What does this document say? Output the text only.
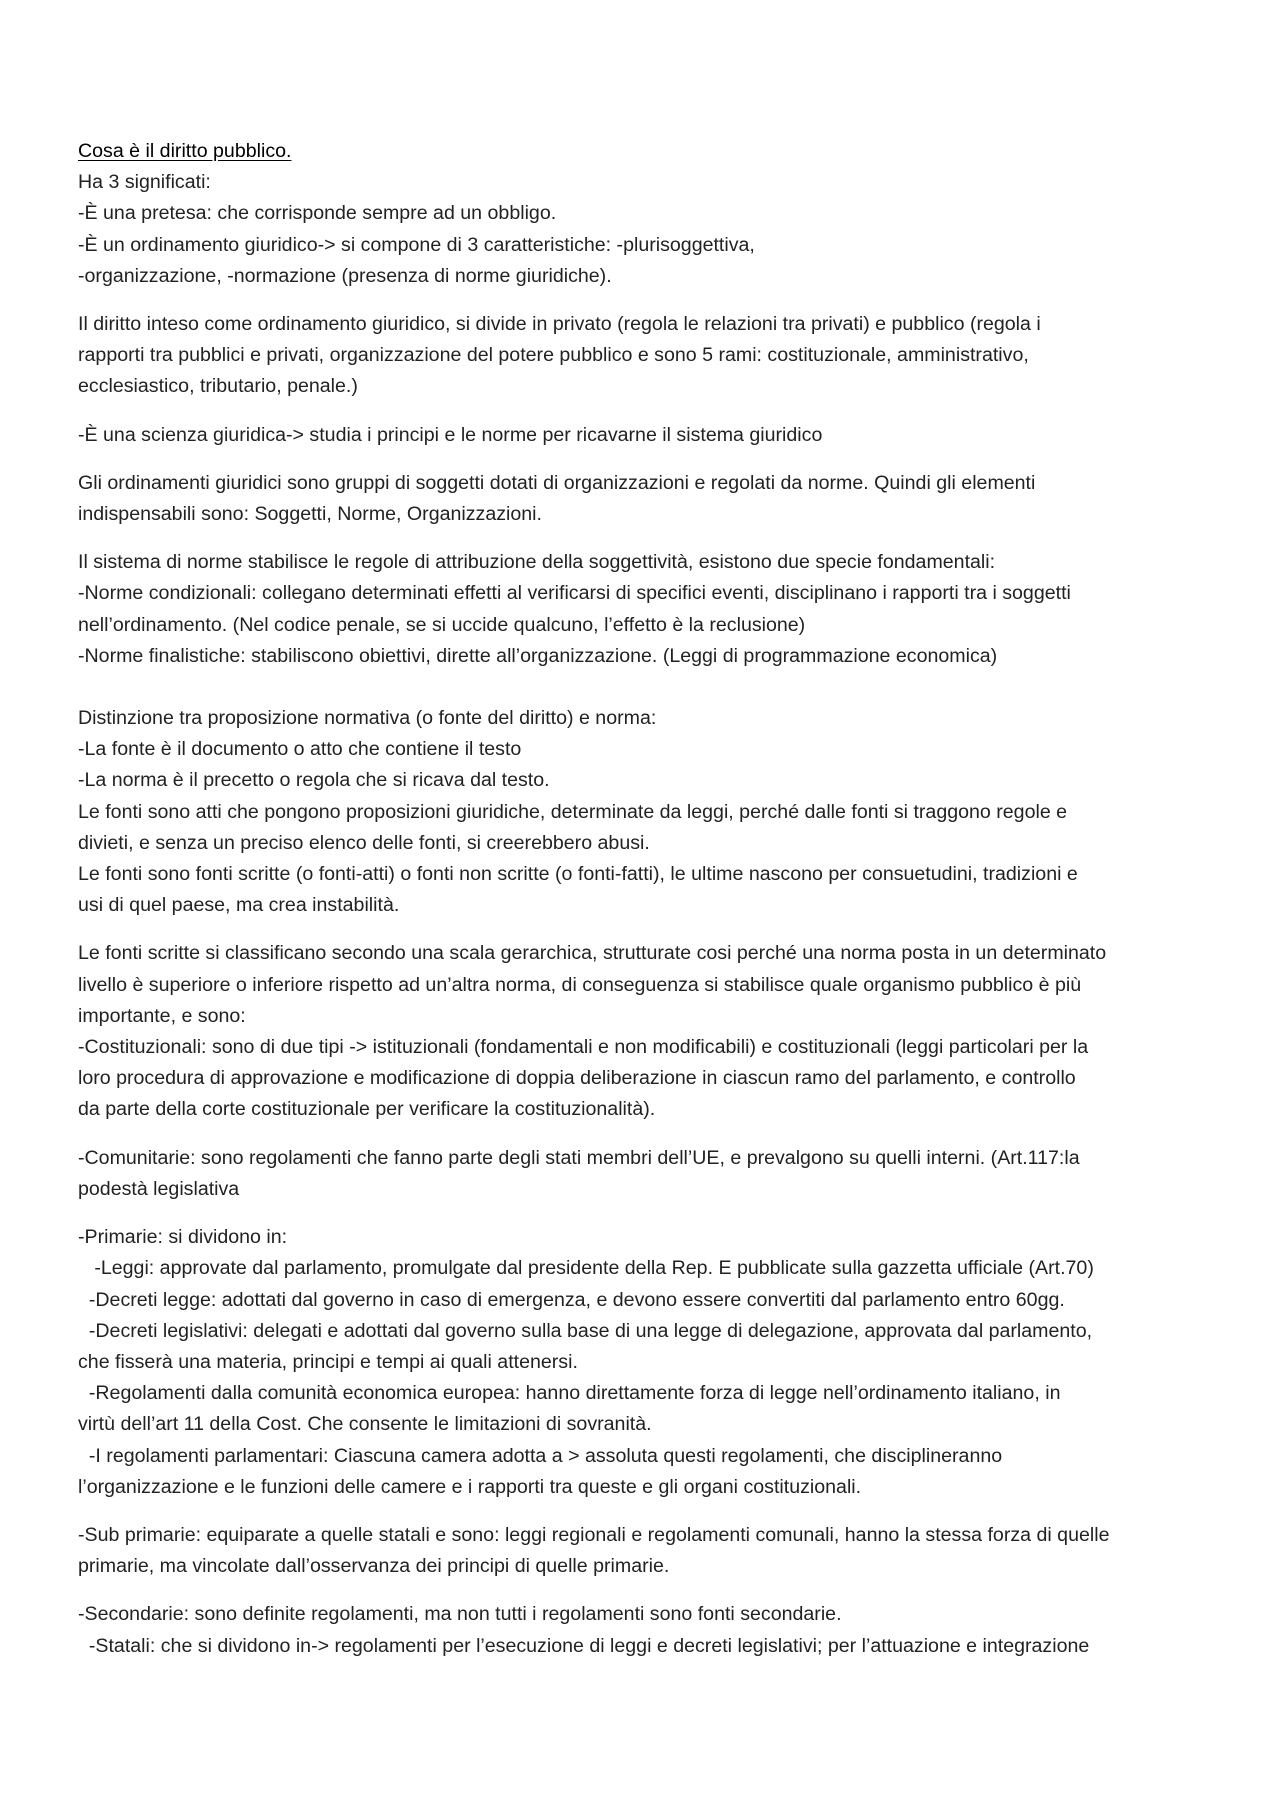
Cosa è il diritto pubblico.
Ha 3 significati:
-È una pretesa: che corrisponde sempre ad un obbligo.
-È un ordinamento giuridico-> si compone di 3 caratteristiche: -plurisoggettiva,
-organizzazione, -normazione (presenza di norme giuridiche).
Il diritto inteso come ordinamento giuridico, si divide in privato (regola le relazioni tra privati) e pubblico (regola i
rapporti tra pubblici e privati, organizzazione del potere pubblico e sono 5 rami: costituzionale, amministrativo,
ecclesiastico, tributario, penale.)
-È una scienza giuridica-> studia i principi e le norme per ricavarne il sistema giuridico
Gli ordinamenti giuridici sono gruppi di soggetti dotati di organizzazioni e regolati da norme. Quindi gli elementi
indispensabili sono: Soggetti, Norme, Organizzazioni.
Il sistema di norme stabilisce le regole di attribuzione della soggettività, esistono due specie fondamentali:
-Norme condizionali: collegano determinati effetti al verificarsi di specifici eventi, disciplinano i rapporti tra i soggetti
nell’ordinamento. (Nel codice penale, se si uccide qualcuno, l’effetto è la reclusione)
-Norme finalistiche: stabiliscono obiettivi, dirette all’organizzazione. (Leggi di programmazione economica)
Distinzione tra proposizione normativa (o fonte del diritto) e norma:
-La fonte è il documento o atto che contiene il testo
-La norma è il precetto o regola che si ricava dal testo.
Le fonti sono atti che pongono proposizioni giuridiche, determinate da leggi, perché dalle fonti si traggono regole e
divieti, e senza un preciso elenco delle fonti, si creerebbero abusi.
Le fonti sono fonti scritte (o fonti-atti) o fonti non scritte (o fonti-fatti), le ultime nascono per consuetudini, tradizioni e
usi di quel paese, ma crea instabilità.
Le fonti scritte si classificano secondo una scala gerarchica, strutturate cosi perché una norma posta in un determinato
livello è superiore o inferiore rispetto ad un’altra norma, di conseguenza si stabilisce quale organismo pubblico è più
importante, e sono:
-Costituzionali: sono di due tipi -> istituzionali (fondamentali e non modificabili) e costituzionali (leggi particolari per la
loro procedura di approvazione e modificazione di doppia deliberazione in ciascun ramo del parlamento, e controllo
da parte della corte costituzionale per verificare la costituzionalità).
-Comunitarie: sono regolamenti che fanno parte degli stati membri dell’UE, e prevalgono su quelli interni. (Art.117:la
podestà legislativa
-Primarie: si dividono in:
-Leggi: approvate dal parlamento, promulgate dal presidente della Rep. E pubblicate sulla gazzetta ufficiale (Art.70)
-Decreti legge: adottati dal governo in caso di emergenza, e devono essere convertiti dal parlamento entro 60gg.
-Decreti legislativi: delegati e adottati dal governo sulla base di una legge di delegazione, approvata dal parlamento,
che fisserà una materia, principi e tempi ai quali attenersi.
-Regolamenti dalla comunità economica europea: hanno direttamente forza di legge nell’ordinamento italiano, in
virtù dell’art 11 della Cost. Che consente le limitazioni di sovranità.
-I regolamenti parlamentari: Ciascuna camera adotta a > assoluta questi regolamenti, che disciplineranno
l’organizzazione e le funzioni delle camere e i rapporti tra queste e gli organi costituzionali.
-Sub primarie: equiparate a quelle statali e sono: leggi regionali e regolamenti comunali, hanno la stessa forza di quelle
primarie, ma vincolate dall’osservanza dei principi di quelle primarie.
-Secondarie: sono definite regolamenti, ma non tutti i regolamenti sono fonti secondarie.
-Statali: che si dividono in-> regolamenti per l’esecuzione di leggi e decreti legislativi; per l’attuazione e integrazione
